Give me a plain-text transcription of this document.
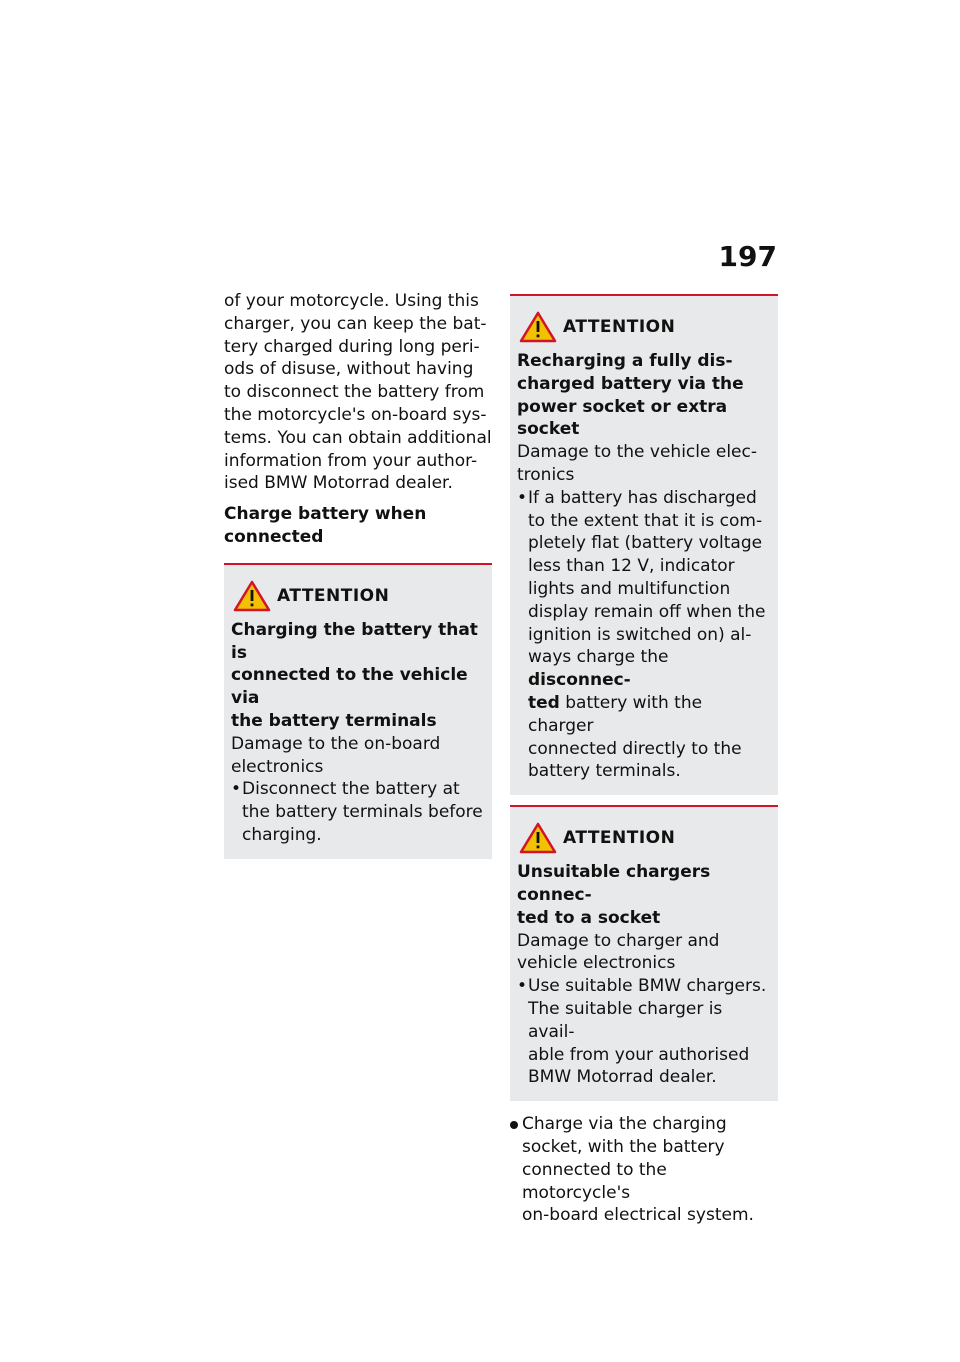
197

of your motorcycle. Using this

charger, you can keep the bat-

tery charged during long peri-

ods of disuse, without having

to disconnect the battery from

the motorcycle's on-board sys-

tems. You can obtain additional

information from your author-

ised BMW Motorrad dealer.

Charge battery when
connected
ATTENTION

Charging the battery that is

connected to the vehicle via

the battery terminals

Damage to the on-board

electronics

• Disconnect the battery at
the battery terminals before
charging.
ATTENTION

Recharging a fully dis-

charged battery via the

power socket or extra

socket

Damage to the vehicle elec-

tronics

• If a battery has discharged
to the extent that it is com-
pletely flat (battery voltage
less than 12 V, indicator
lights and multifunction
display remain off when the
ignition is switched on) al-
ways charge the disconnec-
ted battery with the charger
connected directly to the
battery terminals.
ATTENTION

Unsuitable chargers connec-

ted to a socket

Damage to charger and

vehicle electronics

• Use suitable BMW chargers.
The suitable charger is avail-
able from your authorised
BMW Motorrad dealer.
Charge via the charging
socket, with the battery
connected to the motorcycle's
on-board electrical system.
